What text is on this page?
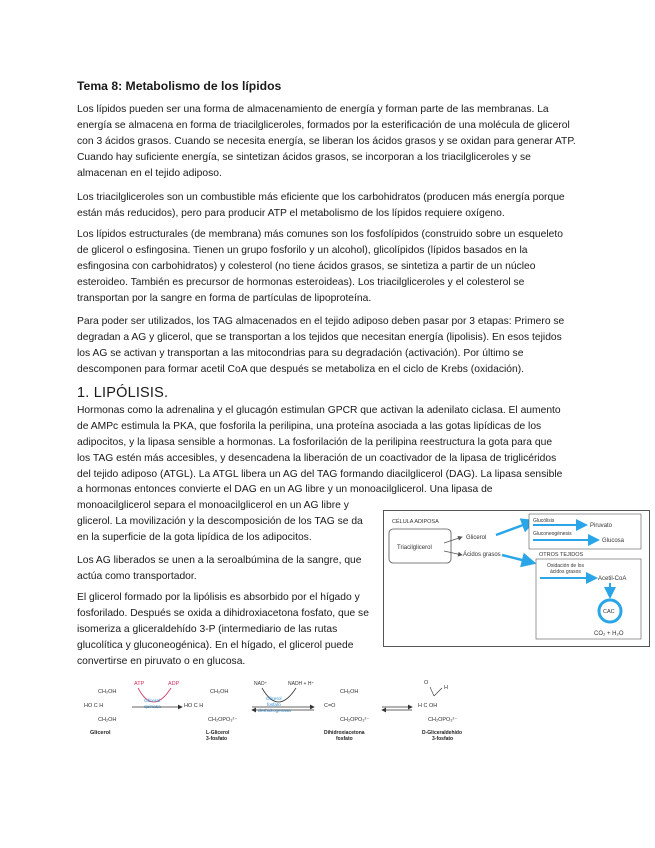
Tema 8: Metabolismo de los lípidos

Los lípidos pueden ser una forma de almacenamiento de energía y forman parte de las membranas. La energía se almacena en forma de triacilgliceroles, formados por la esterificación de una molécula de glicerol con 3 ácidos grasos. Cuando se necesita energía, se liberan los ácidos grasos y se oxidan para generar ATP. Cuando hay suficiente energía, se sintetizan ácidos grasos, se incorporan a los triacilgliceroles y se almacenan en el tejido adiposo.

Los triacilgliceroles son un combustible más eficiente que los carbohidratos (producen más energía porque están más reducidos), pero para producir ATP el metabolismo de los lípidos requiere oxígeno.

Los lípidos estructurales (de membrana) más comunes son los fosfolípidos (construido sobre un esqueleto de glicerol o esfingosina. Tienen un grupo fosforilo y un alcohol), glicolípidos (lípidos basados en la esfingosina con carbohidratos) y colesterol (no tiene ácidos grasos, se sintetiza a partir de un núcleo esteroideo. También es precursor de hormonas esteroideas). Los triacilgliceroles y el colesterol se transportan por la sangre en forma de partículas de lipoproteína.

Para poder ser utilizados, los TAG almacenados en el tejido adiposo deben pasar por 3 etapas: Primero se degradan a AG y glicerol, que se transportan a los tejidos que necesitan energía (lipolisis). En esos tejidos los AG se activan y transportan a las mitocondrias para su degradación (activación). Por último se descomponen para formar acetil CoA que después se metaboliza en el ciclo de Krebs (oxidación).

1. LIPÓLISIS.
Hormonas como la adrenalina y el glucagón estimulan GPCR que activan la adenilato ciclasa. El aumento
de AMPc estimula la PKA, que fosforila la perilipina, una proteína asociada a las gotas lipídicas de los
adipocitos, y la lipasa sensible a hormonas. La fosforilación de la perilipina reestructura la gota para que
los TAG estén más accesibles, y desencadena la liberación de un coactivador de la lipasa de triglicéridos
del tejido adiposo (ATGL). La ATGL libera un AG del TAG formando diacilglicerol (DAG). La lipasa sensible
a hormonas entonces convierte el DAG en un AG libre y un monoacilglicerol. Una lipasa de
monoacilglicerol separa el monoacilglicerol en un AG libre y
glicerol. La movilización y la descomposición de los TAG se da
en la superficie de la gota lipídica de los adipocitos.

Los AG liberados se unen a la seroalbúmina de la sangre, que actúa como transportador.

El glicerol formado por la lipólisis es absorbido por el hígado y fosforilado. Después se oxida a dihidroxiacetona fosfato, que se isomeriza a gliceraldehído 3-P (intermediario de las rutas glucolítica y gluconeogénica). En el hígado, el glicerol puede convertirse en piruvato o en glucosa.

CÉLULA ADIPOSA
Triacilglicerol
Glicerol
Ácidos grasos
Glucólisis
Piruvato
Gluconeogénesis
Glucosa
OTROS TEJIDOS
Oxidación de los
ácidos grasos
Acetil-CoA
CAC
CO₂ + H₂O
CH₂OH
HO C H
CH₂OH
Glicerol
ATP	ADP
Glicerol
quinasa
CH₂OH
HO C H
CH₂OPO₃²⁻
L-Glicerol
3-fosfato
NAD⁺	NADH + H⁺
Glicerol
fosfato
deshidrogenasa
CH₂OH
C=O
CH₂OPO₃²⁻
Dihidroxiacetona
fosfato
O
H
H C OH
CH₂OPO₃²⁻
D-Gliceraldehído
3-fosfato
